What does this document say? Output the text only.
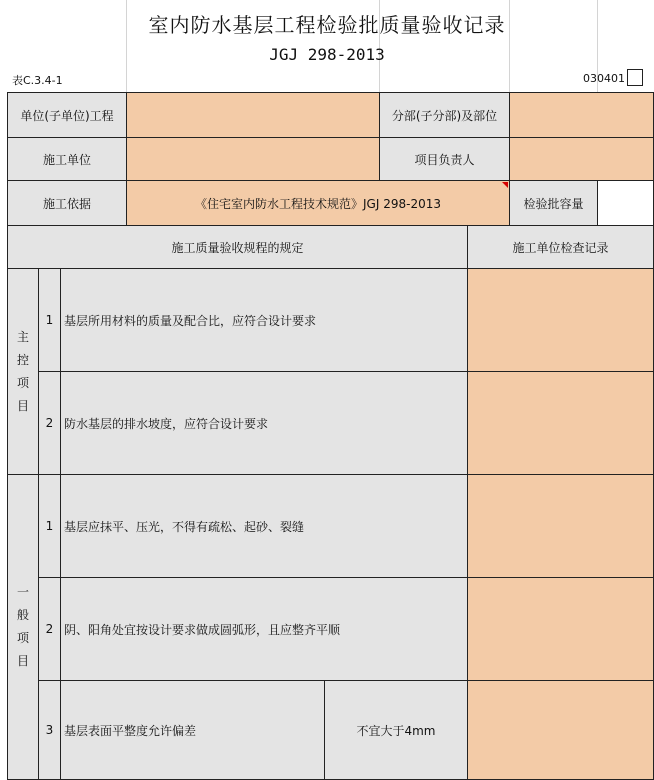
室内防水基层工程检验批质量验收记录
JGJ 298-2013
表C.3.4-1	030401
单位(子单位)工程	分部(子分部)及部位
施工单位	项目负责人
施工依据	《住宅室内防水工程技术规范》JGJ 298-2013	检验批容量
施工质量验收规程的规定	施工单位检查记录
主
控
项
目
1 基层所用材料的质量及配合比，应符合设计要求
2 防水基层的排水坡度，应符合设计要求
一
般
项
目
1 基层应抹平、压光，不得有疏松、起砂、裂缝
2 阴、阳角处宜按设计要求做成圆弧形，且应整齐平顺
3 基层表面平整度允许偏差	不宜大于4mm
